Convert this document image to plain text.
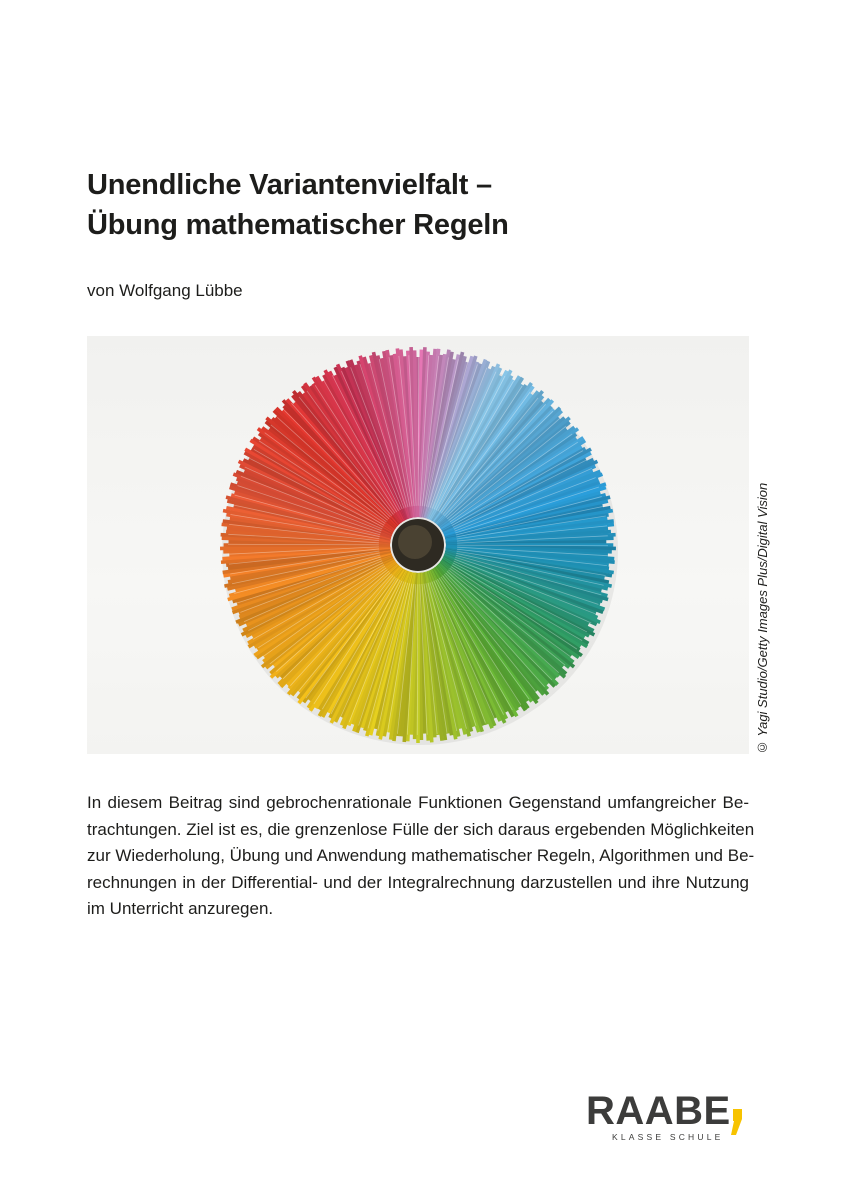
Unendliche Variantenvielfalt –
Übung mathematischer Regeln
von Wolfgang Lübbe
© Yagi Studio/Getty Images Plus/Digital Vision
In diesem Beitrag sind gebrochenrationale Funktionen Gegenstand umfangreicher Be-
trachtungen. Ziel ist es, die grenzenlose Fülle der sich daraus ergebenden Möglichkeiten
zur Wiederholung, Übung und Anwendung mathematischer Regeln, Algorithmen und Be-
rechnungen in der Differential- und der Integralrechnung darzustellen und ihre Nutzung
im Unterricht anzuregen.
RAABE
KLASSE SCHULE
